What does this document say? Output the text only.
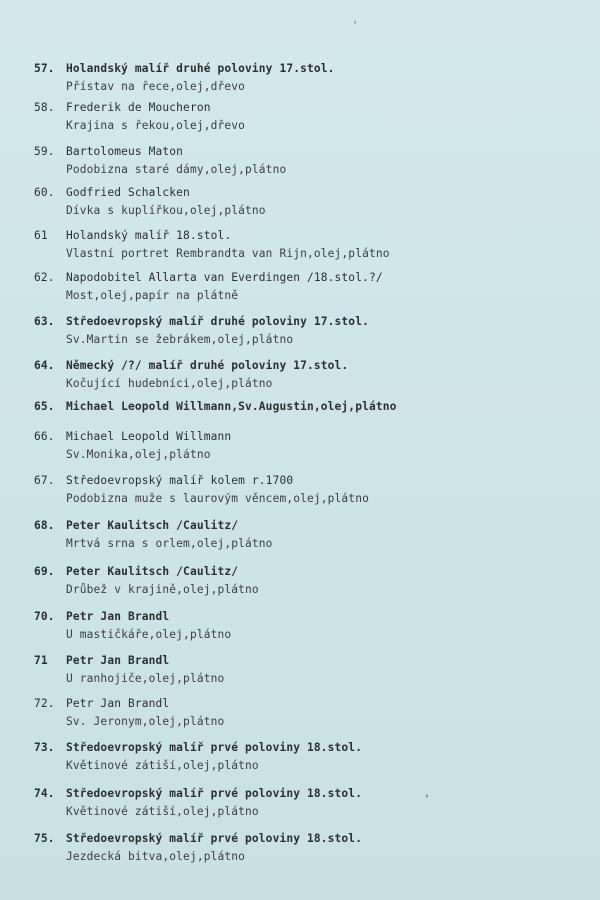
'
,
57. Holandský malíř druhé poloviny 17.stol.
Přístav na řece,olej,dřevo
58. Frederik de Moucheron
Krajina s řekou,olej,dřevo
59. Bartolomeus Maton
Podobizna staré dámy,olej,plátno
60. Godfried Schalcken
Dívka s kuplířkou,olej,plátno
61 Holandský malíř 18.stol.
Vlastní portret Rembrandta van Rijn,olej,plátno
62. Napodobitel Allarta van Everdingen /18.stol.?/
Most,olej,papír na plátně
63. Středoevropský malíř druhé poloviny 17.stol.
Sv.Martin se žebrákem,olej,plátno
64. Německý /?/ malíř druhé poloviny 17.stol.
Kočující hudebníci,olej,plátno
65. Michael Leopold Willmann,Sv.Augustin,olej,plátno
66. Michael Leopold Willmann
Sv.Monika,olej,plátno
67. Středoevropský malíř kolem r.1700
Podobizna muže s laurovým věncem,olej,plátno
68. Peter Kaulitsch /Caulitz/
Mrtvá srna s orlem,olej,plátno
69. Peter Kaulitsch /Caulitz/
Drůbež v krajině,olej,plátno
70. Petr Jan Brandl
U mastičkáře,olej,plátno
71 Petr Jan Brandl
U ranhojiče,olej,plátno
72. Petr Jan Brandl
Sv. Jeronym,olej,plátno
73. Středoevropský malíř prvé poloviny 18.stol.
Květinové zátiší,olej,plátno
74. Středoevropský malíř prvé poloviny 18.stol.
Květinové zátiší,olej,plátno
75. Středoevropský malíř prvé poloviny 18.stol.
Jezdecká bitva,olej,plátno
